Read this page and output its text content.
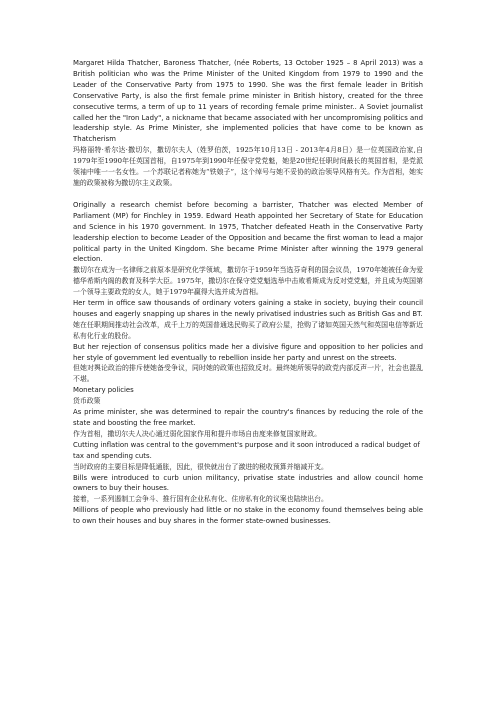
Margaret Hilda Thatcher, Baroness Thatcher, (née Roberts, 13 October 1925 – 8 April 2013) was a British politician who was the Prime Minister of the United Kingdom from 1979 to 1990 and the Leader of the Conservative Party from 1975 to 1990. She was the first female leader in British Conservative Party, is also the first female prime minister in British history, created for the three consecutive terms, a term of up to 11 years of recording female prime minister.. A Soviet journalist called her the "Iron Lady", a nickname that became associated with her uncompromising politics and leadership style. As Prime Minister, she implemented policies that have come to be known as Thatcherism

玛格丽特·希尔达·撒切尔，撒切尔夫人（姓罗伯茨，1925年10月13日 - 2013年4月8日）是一位英国政治家,自1979年至1990年任英国首相，自1975年到1990年任保守党党魁，她是20世纪任职时间最长的英国首相，是党派领袖中唯一一名女性。一个苏联记者称她为“铁娘子”，这个绰号与她不妥协的政治领导风格有关。作为首相，她实施的政策被称为撒切尔主义政策。

Originally a research chemist before becoming a barrister, Thatcher was elected Member of Parliament (MP) for Finchley in 1959. Edward Heath appointed her Secretary of State for Education and Science in his 1970 government. In 1975, Thatcher defeated Heath in the Conservative Party leadership election to become Leader of the Opposition and became the first woman to lead a major political party in the United Kingdom. She became Prime Minister after winning the 1979 general election.

撒切尔在成为一名律师之前原本是研究化学领域，撒切尔于1959年当选芬奇利的国会议员，1970年她被任命为爱德华希斯内阁的教育及科学大臣。1975年，撒切尔在保守党党魁选举中击败希斯成为反对党党魁，并且成为英国第一个领导主要政党的女人，她于1979年赢得大选并成为首相。

Her term in office saw thousands of ordinary voters gaining a stake in society, buying their council houses and eagerly snapping up shares in the newly privatised industries such as British Gas and BT.

她在任职期间推动社会改革，成千上万的英国普通选民购买了政府公屋，抢购了诸如英国天然气和英国电信等新近私有化行业的股份。

But her rejection of consensus politics made her a divisive figure and opposition to her policies and her style of government led eventually to rebellion inside her party and unrest on the streets.

但她对舆论政治的排斥使她备受争议，同时她的政策也招致反对。最终她所领导的政党内部反声一片，社会也混乱不堪。

Monetary policies

货币政策

As prime minister, she was determined to repair the country's finances by reducing the role of the state and boosting the free market.

作为首相，撒切尔夫人决心通过弱化国家作用和提升市场自由度来修复国家财政。

Cutting inflation was central to the government's purpose and it soon introduced a radical budget of tax and spending cuts.

当时政府的主要目标是降低通胀，因此，很快就出台了激进的税收预算并缩减开支。

Bills were introduced to curb union militancy, privatise state industries and allow council home owners to buy their houses.

接着，一系列遏制工会争斗、推行国有企业私有化、住房私有化的议案也陆续出台。

Millions of people who previously had little or no stake in the economy found themselves being able to own their houses and buy shares in the former state-owned businesses.
